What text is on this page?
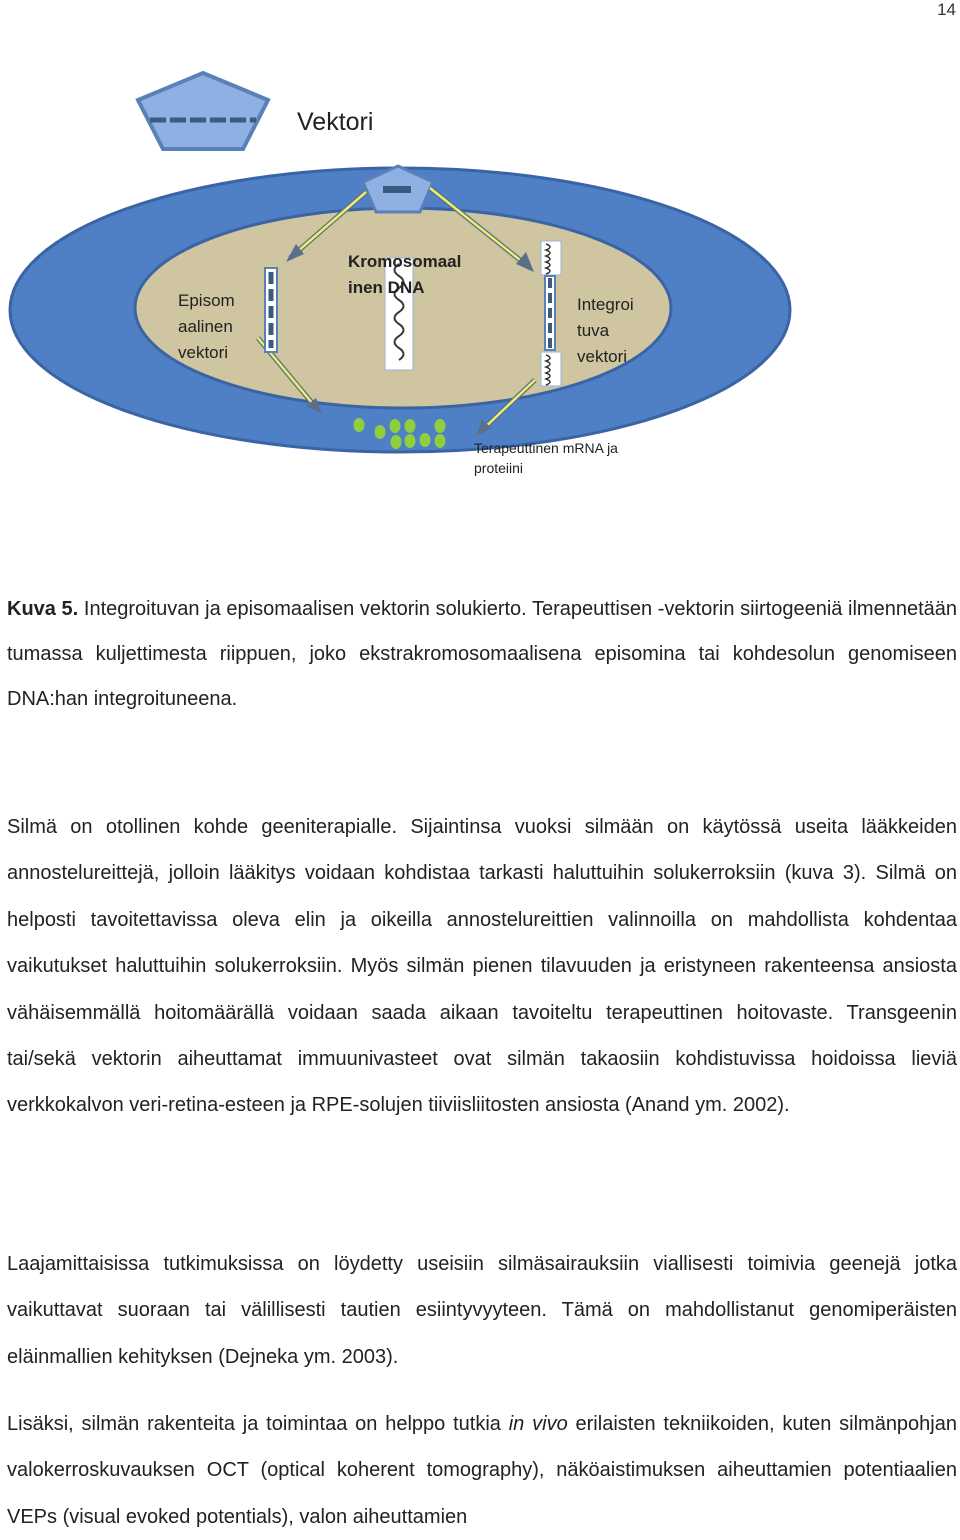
14
Vektori
Episom aalinen vektori
Kromosomaal inen DNA
Integroi tuva vektori
Terapeuttinen mRNA ja proteiini
Kuva 5. Integroituvan ja episomaalisen vektorin solukierto. Terapeuttisen -vektorin siirtogeeniä ilmennetään tumassa kuljettimesta riippuen, joko ekstrakromosomaalisena episomina tai kohdesolun genomiseen DNA:han integroituneena.
Silmä on otollinen kohde geeniterapialle. Sijaintinsa vuoksi silmään on käytössä useita lääkkeiden annostelureittejä, jolloin lääkitys voidaan kohdistaa tarkasti haluttuihin solukerroksiin (kuva 3). Silmä on helposti tavoitettavissa oleva elin ja oikeilla annostelureittien valinnoilla on mahdollista kohdentaa vaikutukset haluttuihin solukerroksiin. Myös silmän pienen tilavuuden ja eristyneen rakenteensa ansiosta vähäisemmällä hoitomäärällä voidaan saada aikaan tavoiteltu terapeuttinen hoitovaste. Transgeenin tai/sekä vektorin aiheuttamat immuunivasteet ovat silmän takaosiin kohdistuvissa hoidoissa lieviä verkkokalvon veri-retina-esteen ja RPE-solujen tiiviisliitosten ansiosta (Anand ym. 2002).
Laajamittaisissa tutkimuksissa on löydetty useisiin silmäsairauksiin viallisesti toimivia geenejä jotka vaikuttavat suoraan tai välillisesti tautien esiintyvyyteen. Tämä on mahdollistanut genomiperäisten eläinmallien kehityksen (Dejneka ym. 2003).
Lisäksi, silmän rakenteita ja toimintaa on helppo tutkia in vivo erilaisten tekniikoiden, kuten silmänpohjan valokerroskuvauksen OCT (optical koherent tomography), näköaistimuksen aiheuttamien potentiaalien VEPs (visual evoked potentials), valon aiheuttamien
